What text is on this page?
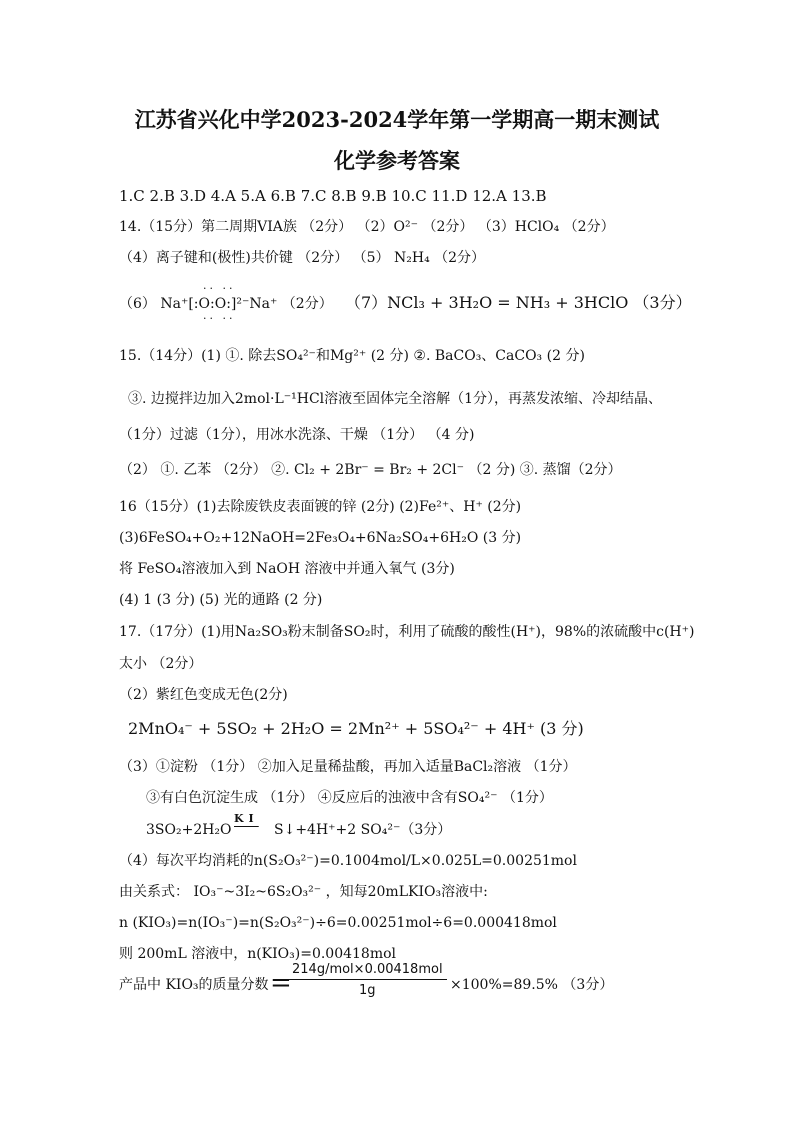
江苏省兴化中学2023-2024学年第一学期高一期末测试
化学参考答案
1.C 2.B 3.D 4.A 5.A 6.B 7.C 8.B 9.B 10.C 11.D 12.A 13.B
14.（15分）第二周期VIA族 （2分） （2）O²⁻ （2分） （3）HClO₄ （2分）
（4）离子键和(极性)共价键 （2分） （5） N₂H₄ （2分）
·· ··
（6） Na⁺[:O:O:]²⁻Na⁺ （2分）
·· ··
（7）NCl₃ + 3H₂O = NH₃ + 3HClO （3分）
15.（14分）(1) ①. 除去SO₄²⁻和Mg²⁺ (2 分) ②. BaCO₃、CaCO₃ (2 分)
③. 边搅拌边加入2mol·L⁻¹HCl溶液至固体完全溶解（1分），再蒸发浓缩、冷却结晶、
（1分）过滤（1分），用冰水洗涤、干燥 （1分） （4 分)
（2） ①. 乙苯 （2分） ②. Cl₂ + 2Br⁻ = Br₂ + 2Cl⁻ （2 分) ③. 蒸馏（2分）
16（15分）(1)去除废铁皮表面镀的锌 (2分) (2)Fe²⁺、H⁺ (2分)
(3)6FeSO₄+O₂+12NaOH=2Fe₃O₄+6Na₂SO₄+6H₂O (3 分)
将 FeSO₄溶液加入到 NaOH 溶液中并通入氧气 (3分)
(4) 1 (3 分) (5) 光的通路 (2 分)
17.（17分）(1)用Na₂SO₃粉末制备SO₂时，利用了硫酸的酸性(H⁺)，98%的浓硫酸中c(H⁺)
太小 （2分）
（2）紫红色变成无色(2分)
2MnO₄⁻ + 5SO₂ + 2H₂O = 2Mn²⁺ + 5SO₄²⁻ + 4H⁺ (3 分)
（3）①淀粉 （1分） ②加入足量稀盐酸，再加入适量BaCl₂溶液 （1分）
③有白色沉淀生成 （1分） ④反应后的浊液中含有SO₄²⁻ （1分）
3SO₂+2H₂O
KI
S↓+4H⁺+2 SO₄²⁻（3分）
（4）每次平均消耗的n(S₂O₃²⁻)=0.1004mol/L×0.025L=0.00251mol
由关系式： IO₃⁻~3I₂~6S₂O₃²⁻ ，知每20mLKIO₃溶液中:
n (KIO₃)=n(IO₃⁻)=n(S₂O₃²⁻)÷6=0.00251mol÷6=0.000418mol
则 200mL 溶液中，n(KIO₃)=0.00418mol
产品中 KIO₃的质量分数 = 214g/mol×0.00418mol
1g	×100%=89.5% （3分）
